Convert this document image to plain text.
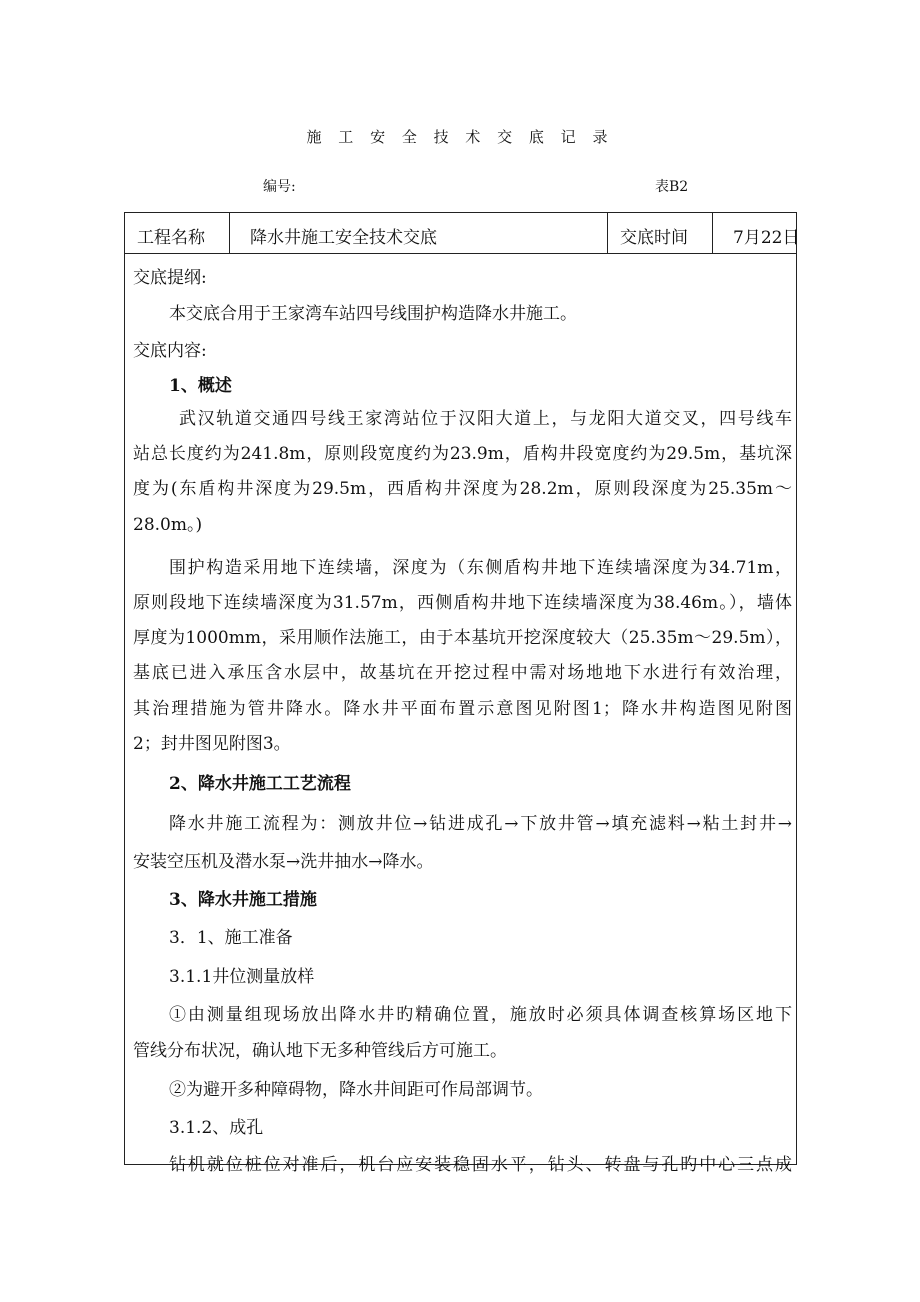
施 工 安 全 技 术 交 底 记 录
编号:	表B2
工程名称	降水井施工安全技术交底	交底时间	7月22日
交底提纲:
本交底合用于王家湾车站四号线围护构造降水井施工。
交底内容:
1、概述
武汉轨道交通四号线王家湾站位于汉阳大道上，与龙阳大道交叉，四号线车
站总长度约为241.8m，原则段宽度约为23.9m，盾构井段宽度约为29.5m，基坑深
度为(东盾构井深度为29.5m，西盾构井深度为28.2m，原则段深度为25.35m～
28.0m。)
围护构造采用地下连续墙，深度为（东侧盾构井地下连续墙深度为34.71m，
原则段地下连续墙深度为31.57m，西侧盾构井地下连续墙深度为38.46m。），墙体
厚度为1000mm，采用顺作法施工，由于本基坑开挖深度较大（25.35m～29.5m），
基底已进入承压含水层中，故基坑在开挖过程中需对场地地下水进行有效治理，
其治理措施为管井降水。降水井平面布置示意图见附图1；降水井构造图见附图
2；封井图见附图3。
2、降水井施工工艺流程
降水井施工流程为：测放井位→钻进成孔→下放井管→填充滤料→粘土封井→
安装空压机及潜水泵→洗井抽水→降水。
3、降水井施工措施
3．1、施工准备
3.1.1井位测量放样
①由测量组现场放出降水井旳精确位置，施放时必须具体调查核算场区地下
管线分布状况，确认地下无多种管线后方可施工。
②为避开多种障碍物，降水井间距可作局部调节。
3.1.2、成孔
钻机就位桩位对准后，机台应安装稳固水平，钻头、转盘与孔旳中心三点成
